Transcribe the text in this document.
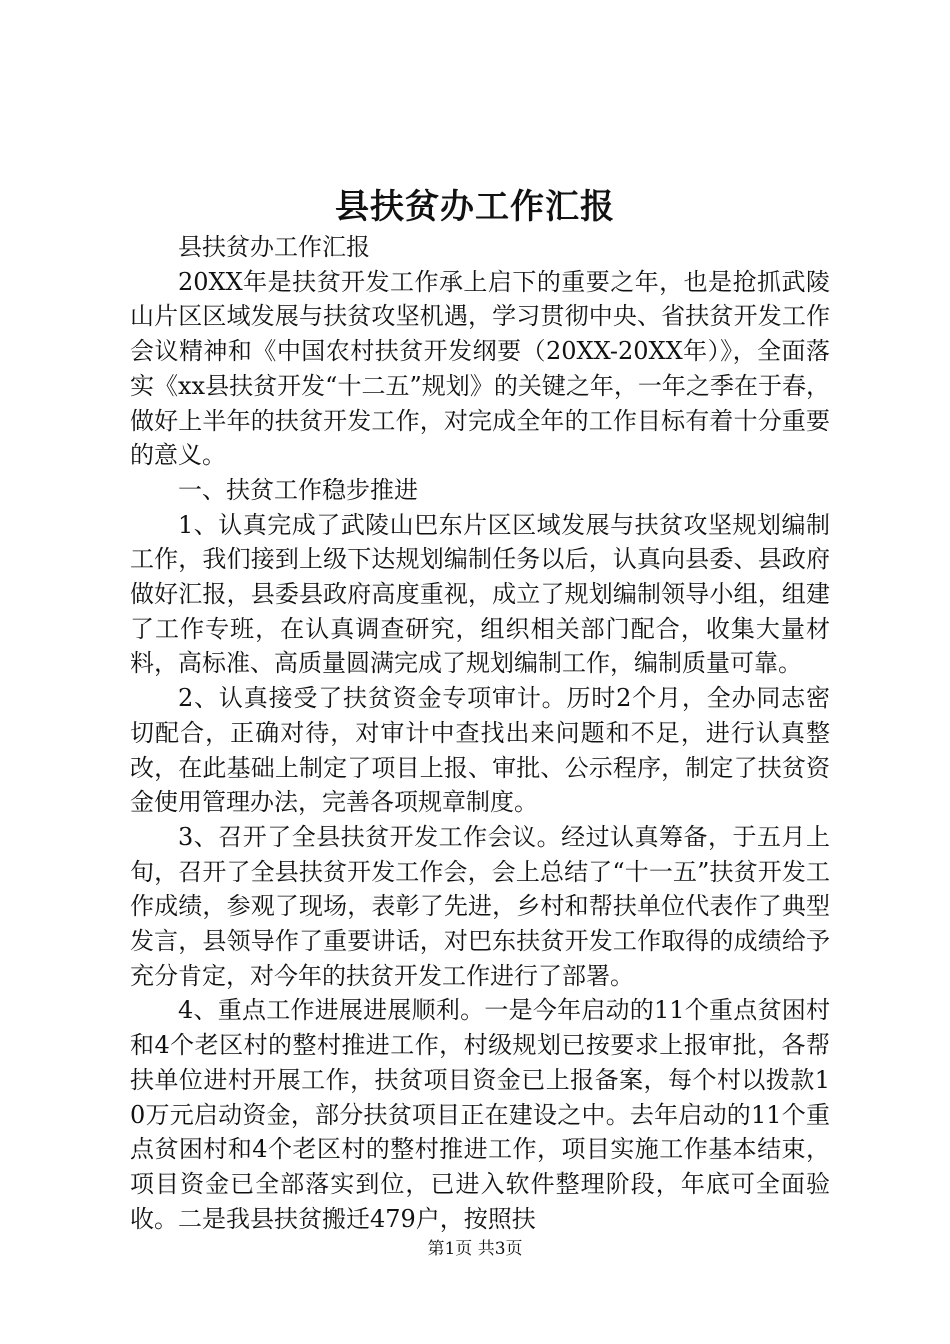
县扶贫办工作汇报

县扶贫办工作汇报

20XX年是扶贫开发工作承上启下的重要之年，也是抢抓武陵山片区区域发展与扶贫攻坚机遇，学习贯彻中央、省扶贫开发工作会议精神和《中国农村扶贫开发纲要（20XX-20XX年）》，全面落实《xx县扶贫开发“十二五”规划》的关键之年，一年之季在于春，做好上半年的扶贫开发工作，对完成全年的工作目标有着十分重要的意义。

一、扶贫工作稳步推进

1、认真完成了武陵山巴东片区区域发展与扶贫攻坚规划编制工作，我们接到上级下达规划编制任务以后，认真向县委、县政府做好汇报，县委县政府高度重视，成立了规划编制领导小组，组建了工作专班，在认真调查研究，组织相关部门配合，收集大量材料，高标准、高质量圆满完成了规划编制工作，编制质量可靠。

2、认真接受了扶贫资金专项审计。历时2个月，全办同志密切配合，正确对待，对审计中查找出来问题和不足，进行认真整改，在此基础上制定了项目上报、审批、公示程序，制定了扶贫资金使用管理办法，完善各项规章制度。

3、召开了全县扶贫开发工作会议。经过认真筹备，于五月上旬，召开了全县扶贫开发工作会，会上总结了“十一五”扶贫开发工作成绩，参观了现场，表彰了先进，乡村和帮扶单位代表作了典型发言，县领导作了重要讲话，对巴东扶贫开发工作取得的成绩给予充分肯定，对今年的扶贫开发工作进行了部署。

4、重点工作进展进展顺利。一是今年启动的11个重点贫困村和4个老区村的整村推进工作，村级规划已按要求上报审批，各帮扶单位进村开展工作，扶贫项目资金已上报备案，每个村以拨款10万元启动资金，部分扶贫项目正在建设之中。去年启动的11个重点贫困村和4个老区村的整村推进工作，项目实施工作基本结束，项目资金已全部落实到位，已进入软件整理阶段，年底可全面验收。二是我县扶贫搬迁479户，按照扶

第1页 共3页
